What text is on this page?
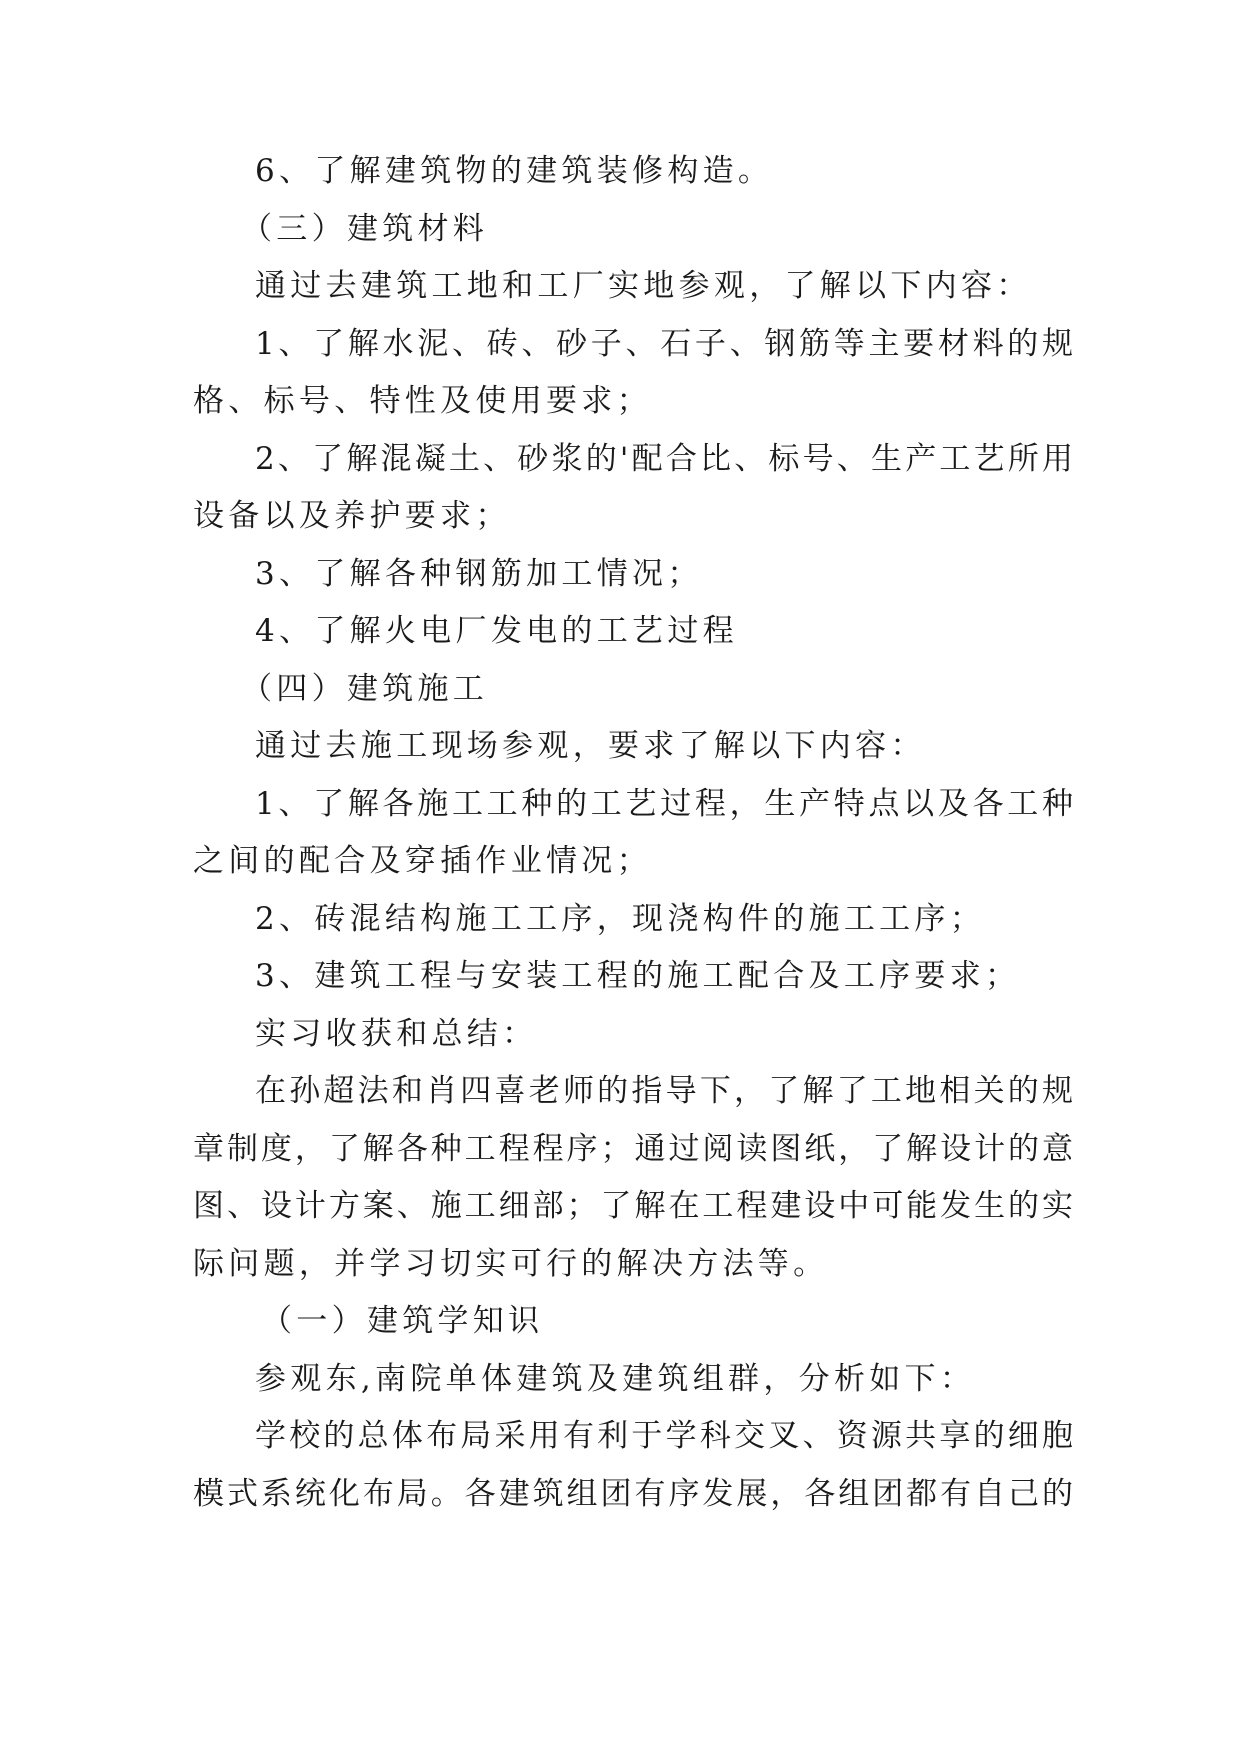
6、了解建筑物的建筑装修构造。
（三）建筑材料
通过去建筑工地和工厂实地参观，了解以下内容：
1、了解水泥、砖、砂子、石子、钢筋等主要材料的规
格、标号、特性及使用要求；
2、了解混凝土、砂浆的'配合比、标号、生产工艺所用
设备以及养护要求；
3、了解各种钢筋加工情况；
4、了解火电厂发电的工艺过程
（四）建筑施工
通过去施工现场参观，要求了解以下内容：
1、了解各施工工种的工艺过程，生产特点以及各工种
之间的配合及穿插作业情况；
2、砖混结构施工工序，现浇构件的施工工序；
3、建筑工程与安装工程的施工配合及工序要求；
实习收获和总结：
在孙超法和肖四喜老师的指导下，了解了工地相关的规
章制度，了解各种工程程序；通过阅读图纸，了解设计的意
图、设计方案、施工细部；了解在工程建设中可能发生的实
际问题，并学习切实可行的解决方法等。
（一）建筑学知识
参观东,南院单体建筑及建筑组群，分析如下：
学校的总体布局采用有利于学科交叉、资源共享的细胞
模式系统化布局。各建筑组团有序发展，各组团都有自己的
